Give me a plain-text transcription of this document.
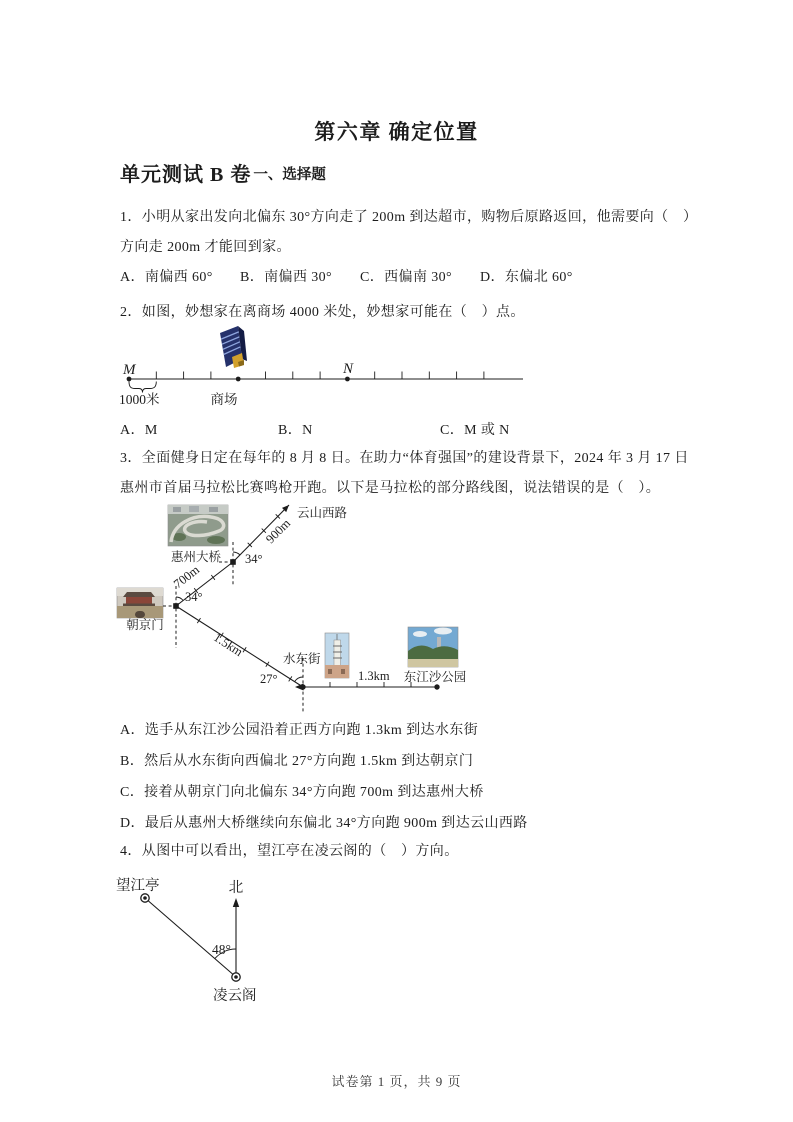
第六章 确定位置
单元测试 B 卷 一、选择题
1．小明从家出发向北偏东 30°方向走了 200m 到达超市，购物后原路返回，他需要向（　）
方向走 200m 才能回到家。
A．南偏西 60° B．南偏西 30° C．西偏南 30° D．东偏北 60°
2．如图，妙想家在离商场 4000 米处，妙想家可能在（　）点。
M	N
1000米	商场
A．M	B．N	C．M 或 N
3．全面健身日定在每年的 8 月 8 日。在助力“体育强国”的建设背景下，2024 年 3 月 17 日
惠州市首届马拉松比赛鸣枪开跑。以下是马拉松的部分路线图，说法错误的是（　）。
云山西路
惠州大桥
朝京门
水东街
东江沙公园
900m
700m
1.5km
1.3km
34°
34°
27°
A．选手从东江沙公园沿着正西方向跑 1.3km 到达水东街
B．然后从水东街向西偏北 27°方向跑 1.5km 到达朝京门
C．接着从朝京门向北偏东 34°方向跑 700m 到达惠州大桥
D．最后从惠州大桥继续向东偏北 34°方向跑 900m 到达云山西路
4．从图中可以看出，望江亭在凌云阁的（　）方向。
望江亭	北
48°
凌云阁
试卷第 1 页，共 9 页
